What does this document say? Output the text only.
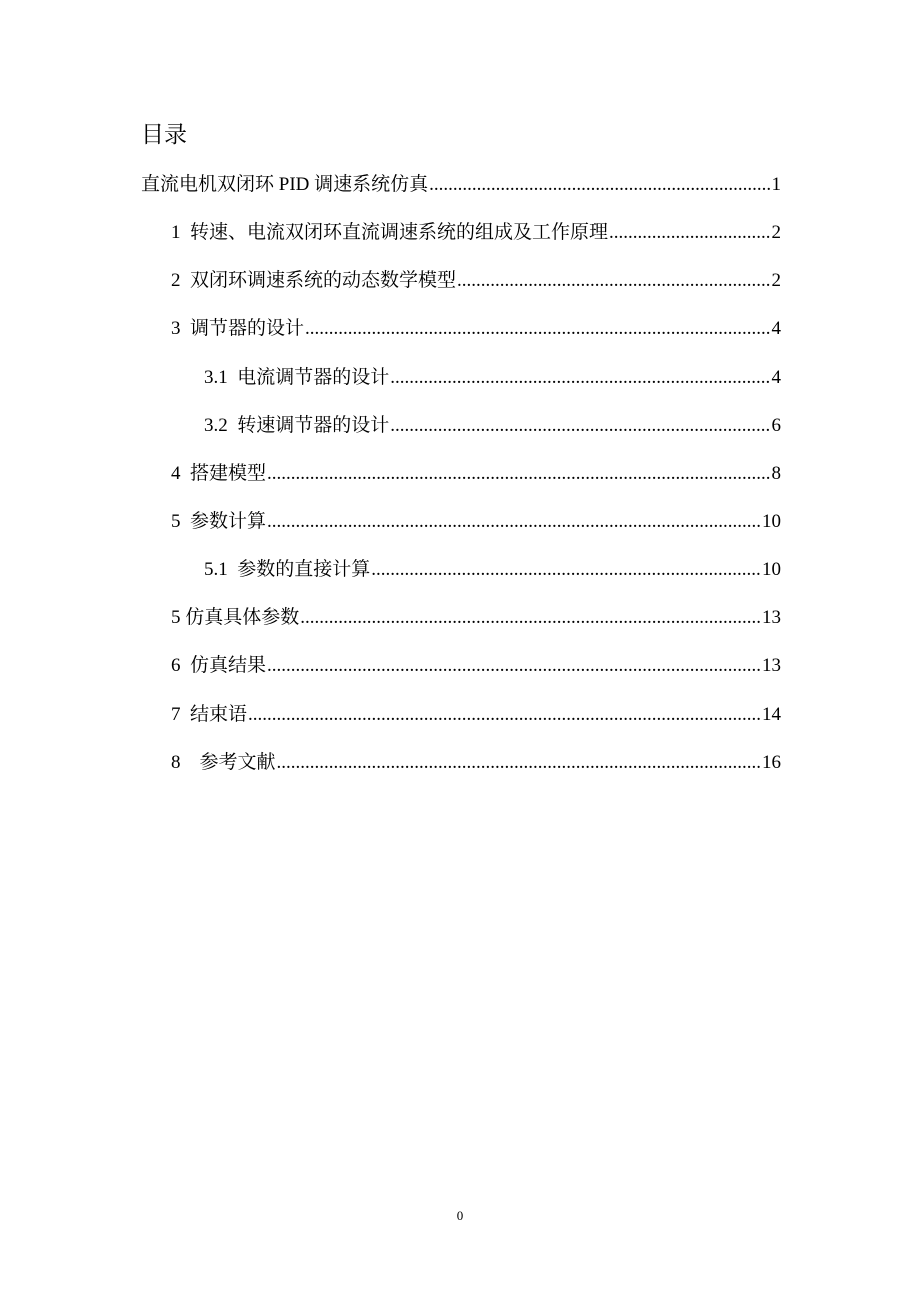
目录
直流电机双闭环 PID 调速系统仿真 .....	1
1  转速、电流双闭环直流调速系统的组成及工作原理 .....	2
2  双闭环调速系统的动态数学模型 .....	2
3  调节器的设计 .....	4
3.1  电流调节器的设计 .....	4
3.2  转速调节器的设计 .....	6
4  搭建模型 .....	8
5  参数计算 .....	10
5.1  参数的直接计算 .....	10
5 仿真具体参数 .....	13
6  仿真结果 .....	13
7  结束语 .....	14
8    参考文献 .....	16
0
